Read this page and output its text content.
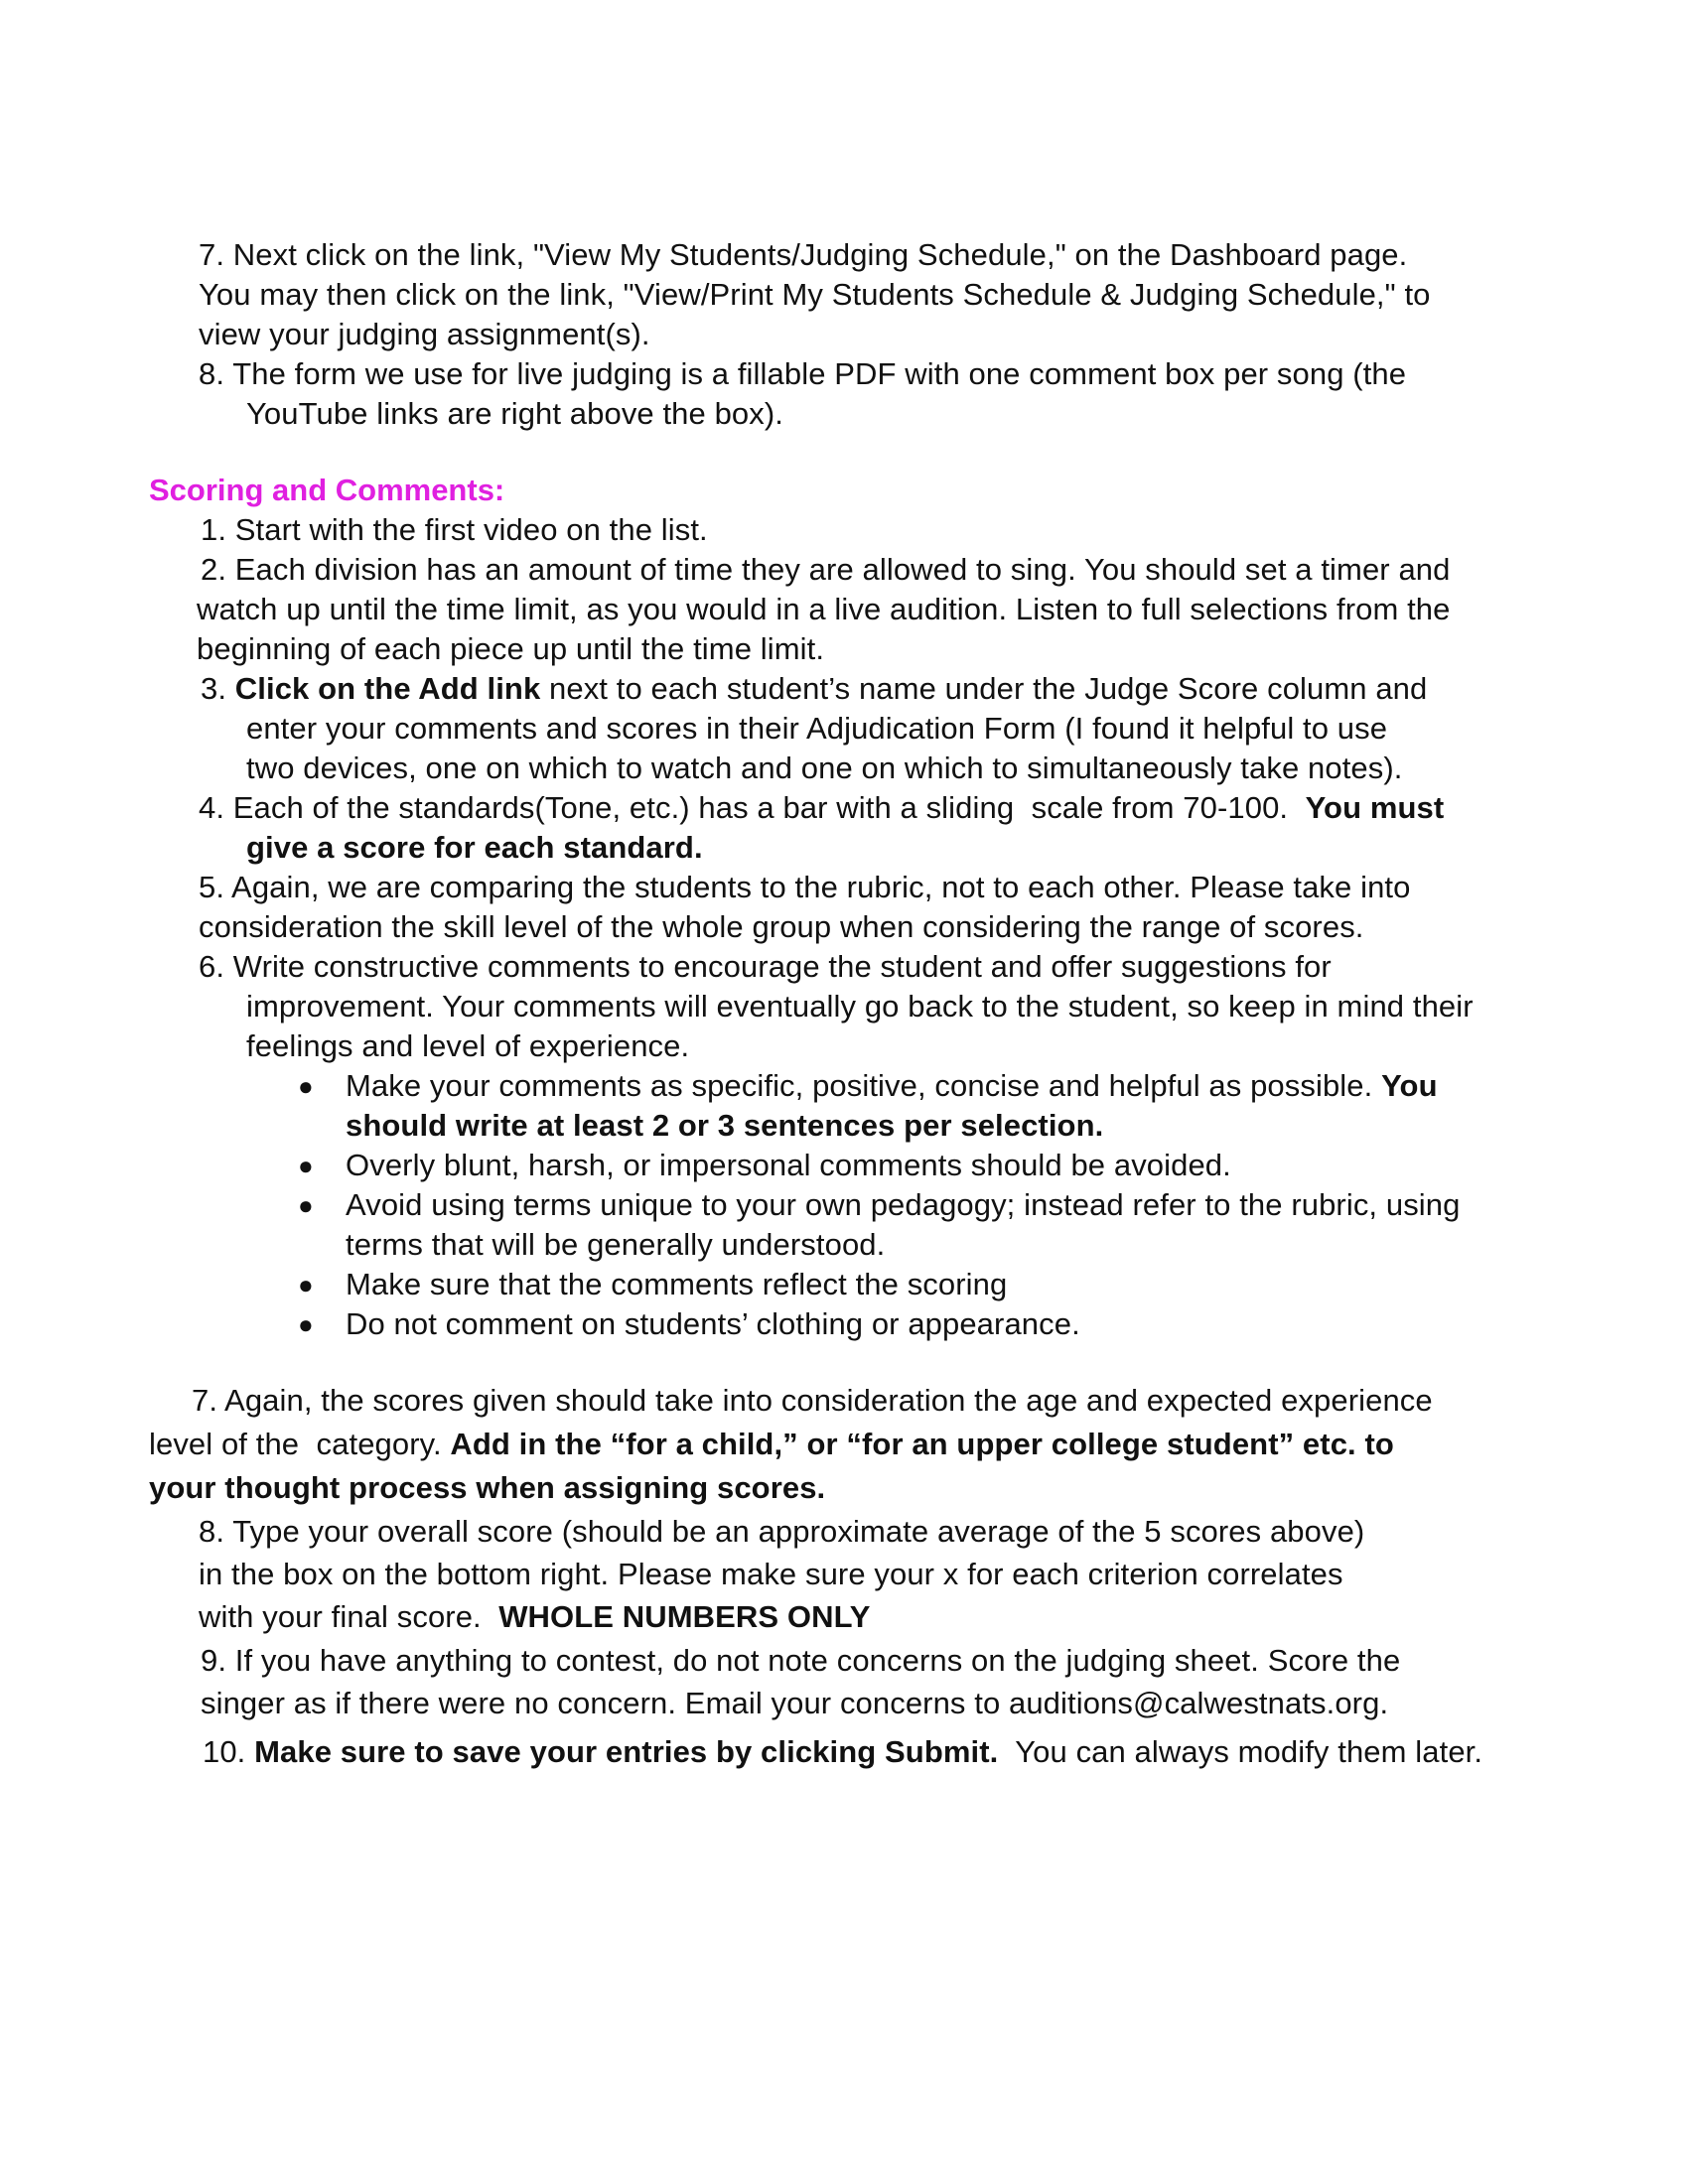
7. Next click on the link, "View My Students/Judging Schedule," on the Dashboard page.
You may then click on the link, "View/Print My Students Schedule & Judging Schedule," to
view your judging assignment(s).
8. The form we use for live judging is a fillable PDF with one comment box per song (the
YouTube links are right above the box).
Scoring and Comments:
1. Start with the first video on the list.
2. Each division has an amount of time they are allowed to sing. You should set a timer and
watch up until the time limit, as you would in a live audition. Listen to full selections from the
beginning of each piece up until the time limit.
3. Click on the Add link next to each student’s name under the Judge Score column and
enter your comments and scores in their Adjudication Form (I found it helpful to use
two devices, one on which to watch and one on which to simultaneously take notes).
4. Each of the standards(Tone, etc.) has a bar with a sliding  scale from 70-100.  You must
give a score for each standard.
5. Again, we are comparing the students to the rubric, not to each other. Please take into
consideration the skill level of the whole group when considering the range of scores.
6. Write constructive comments to encourage the student and offer suggestions for
improvement. Your comments will eventually go back to the student, so keep in mind their
feelings and level of experience.
● Make your comments as specific, positive, concise and helpful as possible. You
should write at least 2 or 3 sentences per selection.
● Overly blunt, harsh, or impersonal comments should be avoided.
● Avoid using terms unique to your own pedagogy; instead refer to the rubric, using
terms that will be generally understood.
● Make sure that the comments reflect the scoring
● Do not comment on students’ clothing or appearance.
7. Again, the scores given should take into consideration the age and expected experience
level of the  category. Add in the “for a child,” or “for an upper college student” etc. to
your thought process when assigning scores.
8. Type your overall score (should be an approximate average of the 5 scores above)
in the box on the bottom right. Please make sure your x for each criterion correlates
with your final score.  WHOLE NUMBERS ONLY
9. If you have anything to contest, do not note concerns on the judging sheet. Score the
singer as if there were no concern. Email your concerns to auditions@calwestnats.org.
10. Make sure to save your entries by clicking Submit.  You can always modify them later.
